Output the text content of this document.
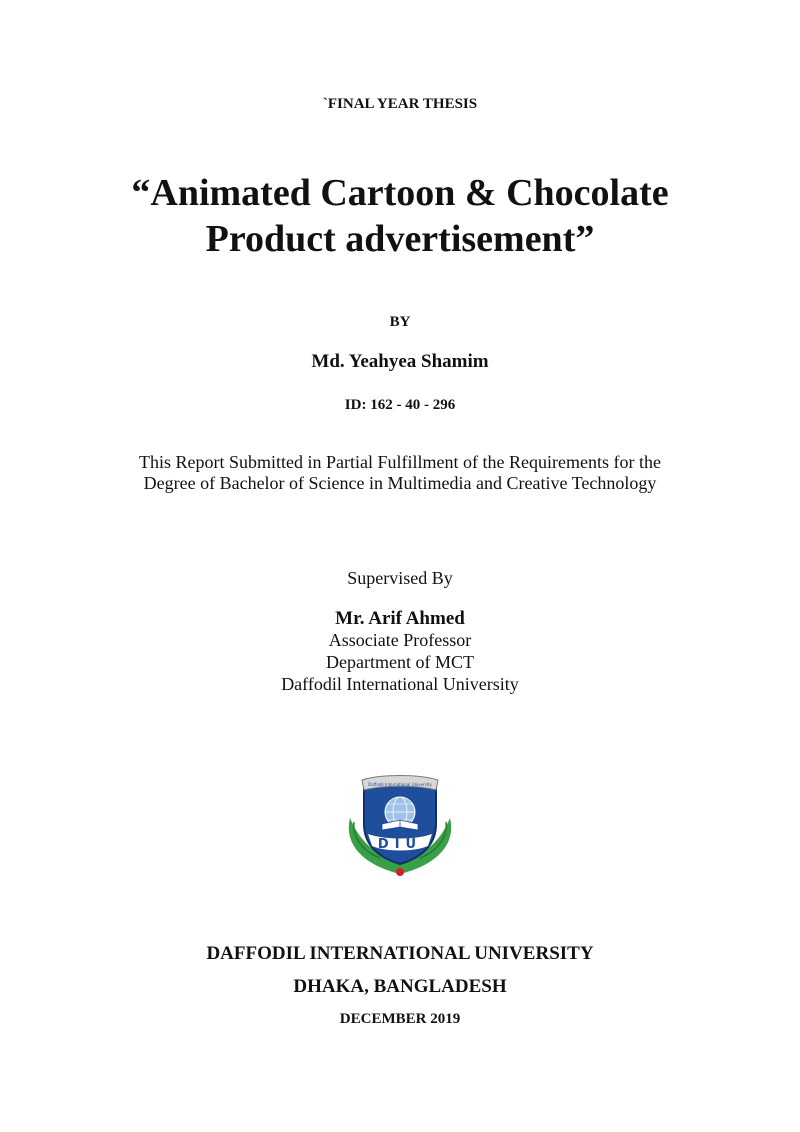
`FINAL YEAR THESIS
“Animated Cartoon & Chocolate
Product advertisement”
BY
Md. Yeahyea Shamim
ID: 162 - 40 - 296
This Report Submitted in Partial Fulfillment of the Requirements for the
Degree of Bachelor of Science in Multimedia and Creative Technology
Supervised By
Mr. Arif Ahmed
Associate Professor
Department of MCT
Daffodil International University
Daffodil International University
DIU
DAFFODIL INTERNATIONAL UNIVERSITY
DHAKA, BANGLADESH
DECEMBER 2019
